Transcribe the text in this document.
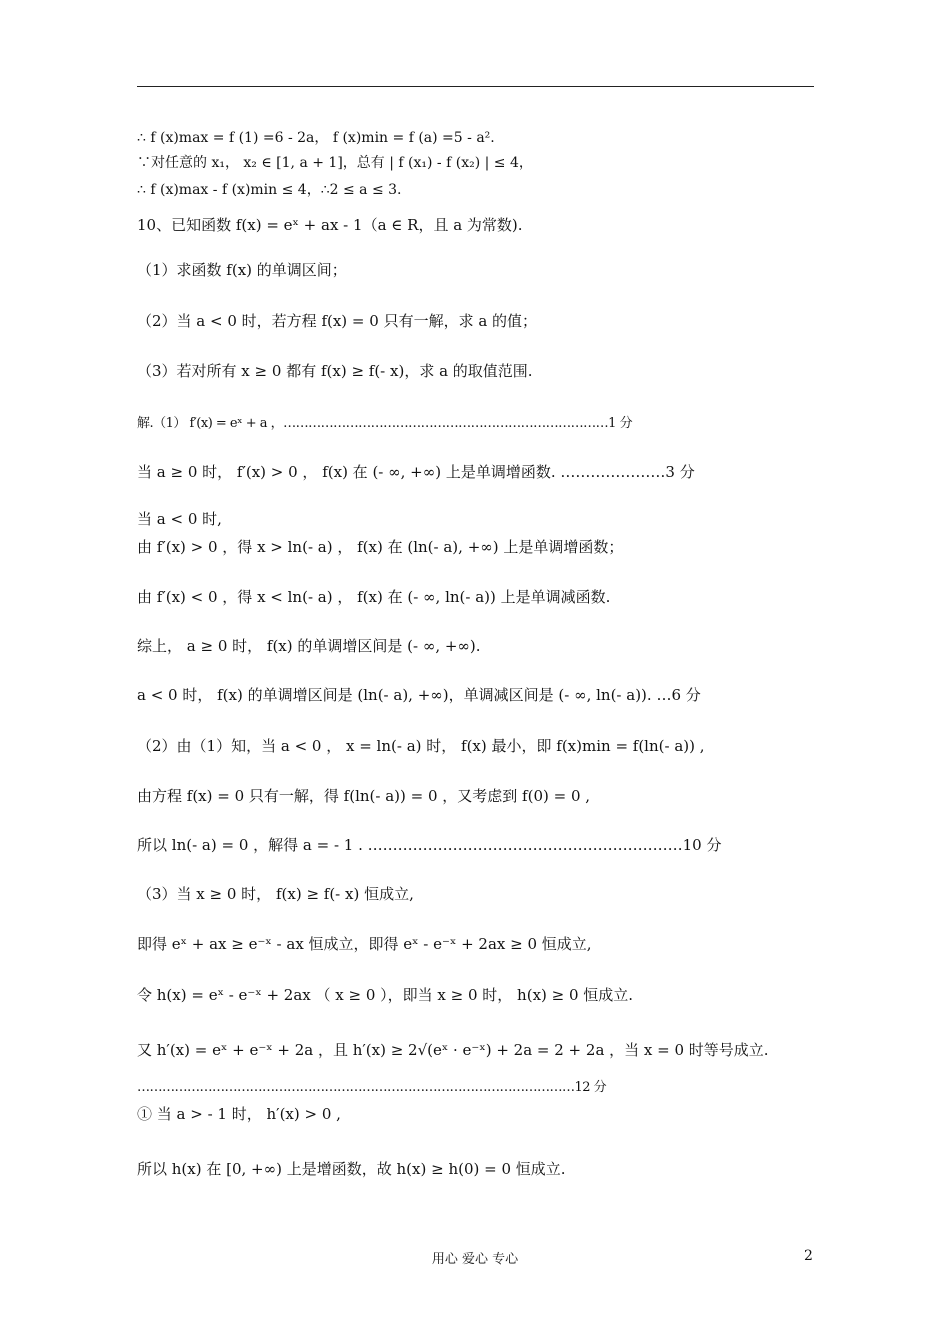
∴ f (x)max = f (1) =6 - 2a， f (x)min = f (a) =5 - a².
∵对任意的 x₁， x₂ ∈ [1, a + 1]，总有 | f (x₁) - f (x₂) | ≤ 4，
∴ f (x)max - f (x)min ≤ 4，∴2 ≤ a ≤ 3.
10、已知函数 f(x) = eˣ + ax - 1（a ∈ R，且 a 为常数).
（1）求函数 f(x) 的单调区间；
（2）当 a < 0 时，若方程 f(x) = 0 只有一解，求 a 的值；
（3）若对所有 x ≥ 0 都有 f(x) ≥ f(- x)，求 a 的取值范围.
解.（1） f′(x) = eˣ + a ，……………………………………………………………………1 分
当 a ≥ 0 时， f′(x) > 0 ， f(x) 在 (- ∞, +∞) 上是单调增函数. …………………3 分
当 a < 0 时,
由 f′(x) > 0 ，得 x > ln(- a) ， f(x) 在 (ln(- a), +∞) 上是单调增函数；
由 f′(x) < 0 ，得 x < ln(- a) ， f(x) 在 (- ∞, ln(- a)) 上是单调减函数.
综上， a ≥ 0 时， f(x) 的单调增区间是 (- ∞, +∞).
a < 0 时， f(x) 的单调增区间是 (ln(- a), +∞)，单调减区间是 (- ∞, ln(- a)). …6 分
（2）由（1）知，当 a < 0 ， x = ln(- a) 时， f(x) 最小，即 f(x)min = f(ln(- a)) ,
由方程 f(x) = 0 只有一解，得 f(ln(- a)) = 0 ，又考虑到 f(0) = 0 ,
所以 ln(- a) = 0 ，解得 a = - 1 . ………………………………………………………10 分
（3）当 x ≥ 0 时， f(x) ≥ f(- x) 恒成立,
即得 eˣ + ax ≥ e⁻ˣ - ax 恒成立，即得 eˣ - e⁻ˣ + 2ax ≥ 0 恒成立,
令 h(x) = eˣ - e⁻ˣ + 2ax （ x ≥ 0 ），即当 x ≥ 0 时， h(x) ≥ 0 恒成立.
又 h′(x) = eˣ + e⁻ˣ + 2a ，且 h′(x) ≥ 2√(eˣ · e⁻ˣ) + 2a = 2 + 2a ，当 x = 0 时等号成立.
……………………………………………………………………………………………12 分
① 当 a > - 1 时， h′(x) > 0 ,
所以 h(x) 在 [0, +∞) 上是增函数，故 h(x) ≥ h(0) = 0 恒成立.
用心 爱心 专心	2
